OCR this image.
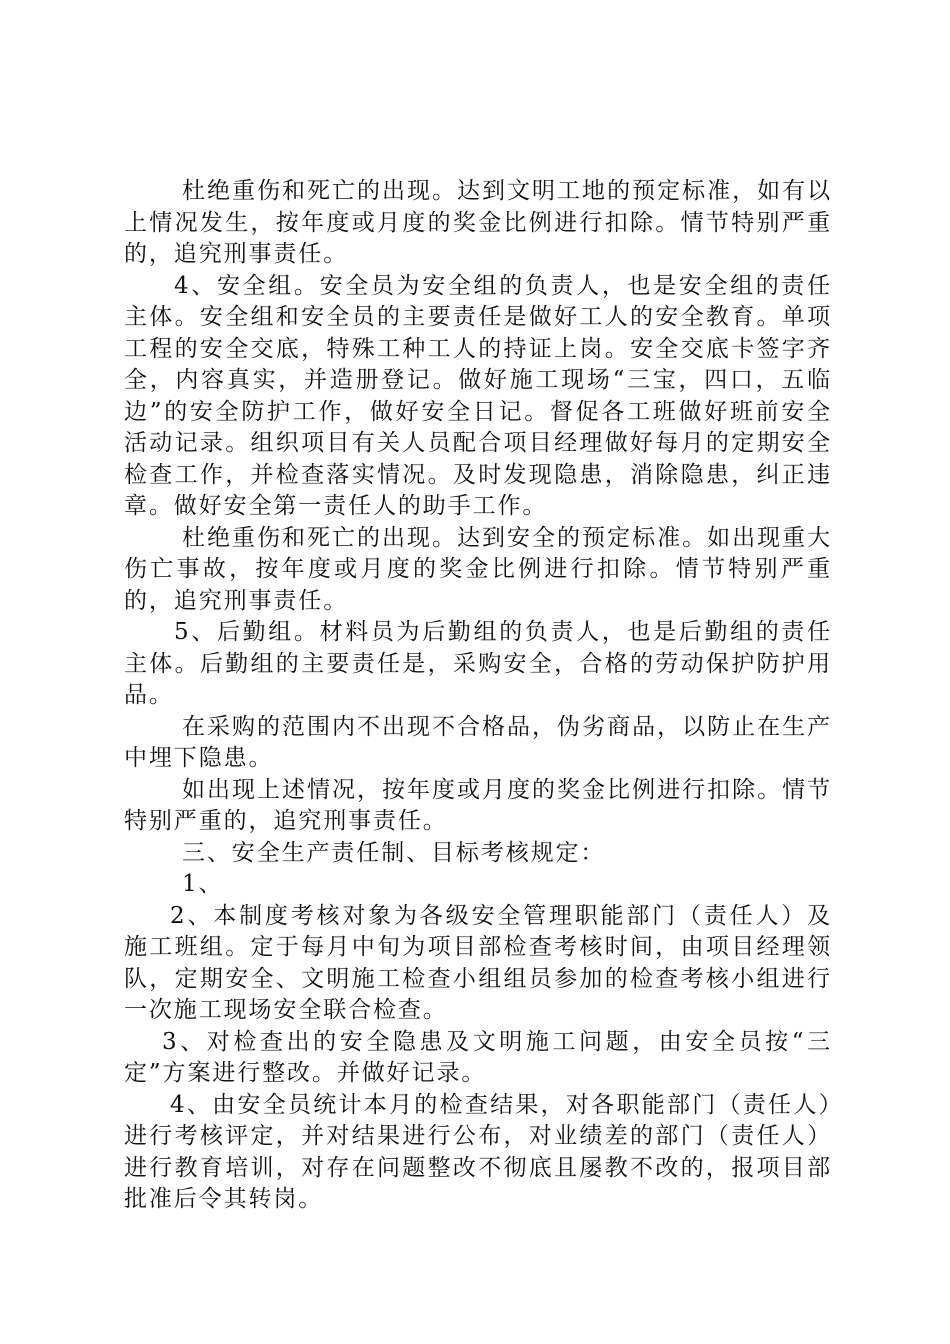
杜绝重伤和死亡的出现。达到文明工地的预定标准，如有以上情况发生，按年度或月度的奖金比例进行扣除。情节特别严重的，追究刑事责任。

4、安全组。安全员为安全组的负责人，也是安全组的责任主体。安全组和安全员的主要责任是做好工人的安全教育。单项工程的安全交底，特殊工种工人的持证上岗。安全交底卡签字齐全，内容真实，并造册登记。做好施工现场“三宝，四口，五临边”的安全防护工作，做好安全日记。督促各工班做好班前安全活动记录。组织项目有关人员配合项目经理做好每月的定期安全检查工作，并检查落实情况。及时发现隐患，消除隐患，纠正违章。做好安全第一责任人的助手工作。

杜绝重伤和死亡的出现。达到安全的预定标准。如出现重大伤亡事故，按年度或月度的奖金比例进行扣除。情节特别严重的，追究刑事责任。

5、后勤组。材料员为后勤组的负责人，也是后勤组的责任主体。后勤组的主要责任是，采购安全，合格的劳动保护防护用品。

在采购的范围内不出现不合格品，伪劣商品，以防止在生产中埋下隐患。

如出现上述情况，按年度或月度的奖金比例进行扣除。情节特别严重的，追究刑事责任。

三、安全生产责任制、目标考核规定：

1、

2、本制度考核对象为各级安全管理职能部门（责任人）及施工班组。定于每月中旬为项目部检查考核时间，由项目经理领队，定期安全、文明施工检查小组组员参加的检查考核小组进行一次施工现场安全联合检查。

3、对检查出的安全隐患及文明施工问题，由安全员按“三定”方案进行整改。并做好记录。

4、由安全员统计本月的检查结果，对各职能部门（责任人）进行考核评定，并对结果进行公布，对业绩差的部门（责任人）进行教育培训，对存在问题整改不彻底且屡教不改的，报项目部批准后令其转岗。
